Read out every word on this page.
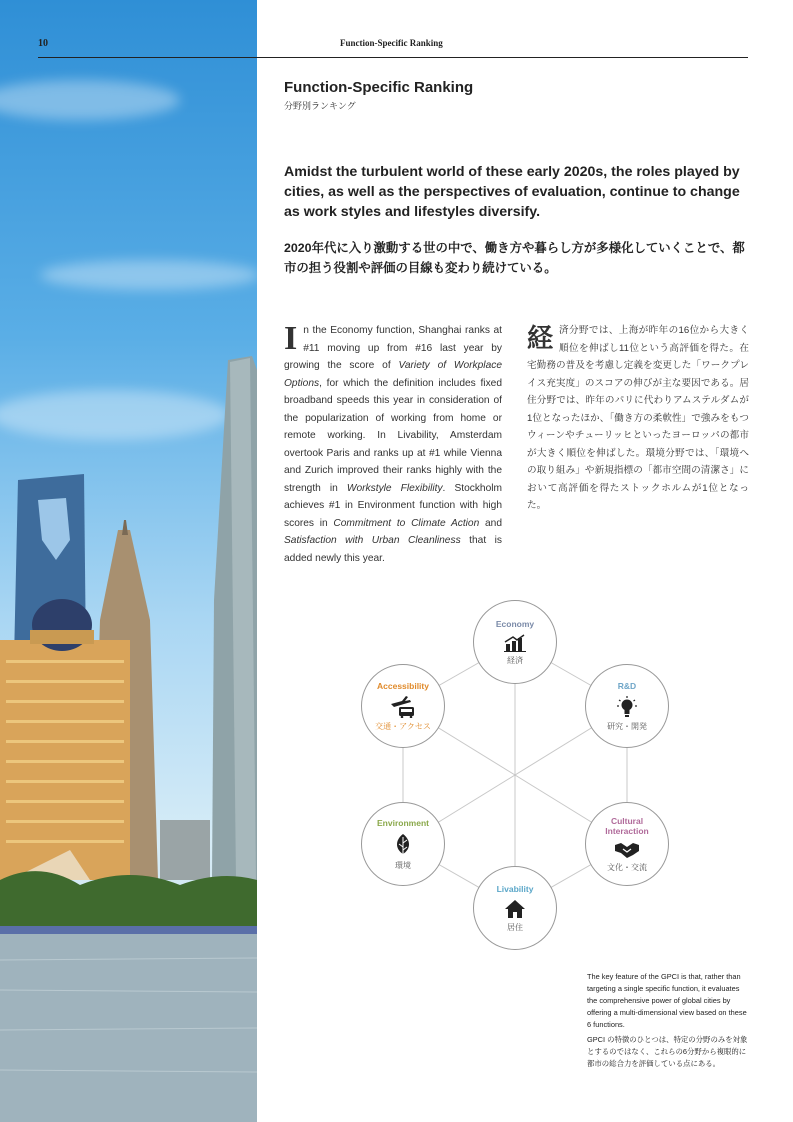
10	Function-Specific Ranking
Function-Specific Ranking
分野別ランキング
Amidst the turbulent world of these early 2020s, the roles played by cities, as well as the perspectives of evaluation, continue to change as work styles and lifestyles diversify.
2020年代に入り激動する世の中で、働き方や暮らし方が多様化していくことで、都市の担う役割や評価の目線も変わり続けている。
In the Economy function, Shanghai ranks at #11 moving up from #16 last year by growing the score of Variety of Workplace Options, for which the definition includes fixed broadband speeds this year in consideration of the popularization of working from home or remote working. In Livability, Amsterdam overtook Paris and ranks up at #1 while Vienna and Zurich improved their ranks highly with the strength in Workstyle Flexibility. Stockholm achieves #1 in Environment function with high scores in Commitment to Climate Action and Satisfaction with Urban Cleanliness that is added newly this year.
経済分野では、上海が昨年の16位から大きく順位を伸ばし11位という高評価を得た。在宅勤務の普及を考慮し定義を変更した「ワークプレイス充実度」のスコアの伸びが主な要因である。居住分野では、昨年のパリに代わりアムステルダムが1位となったほか、「働き方の柔軟性」で強みをもつウィーンやチューリッヒといったヨーロッパの都市が大きく順位を伸ばした。環境分野では、「環境への取り組み」や新規指標の「都市空間の清潔さ」において高評価を得たストックホルムが1位となった。
Economy
経済
R&D
研究・開発
Cultural Interaction
文化・交流
Livability
居住
Environment
環境
Accessibility
交通・アクセス
The key feature of the GPCI is that, rather than targeting a single specific function, it evaluates the comprehensive power of global cities by offering a multi-dimensional view based on these 6 functions.
GPCI の特徴のひとつは、特定の分野のみを対象とするのではなく、これらの6分野から複眼的に都市の総合力を評価している点にある。
